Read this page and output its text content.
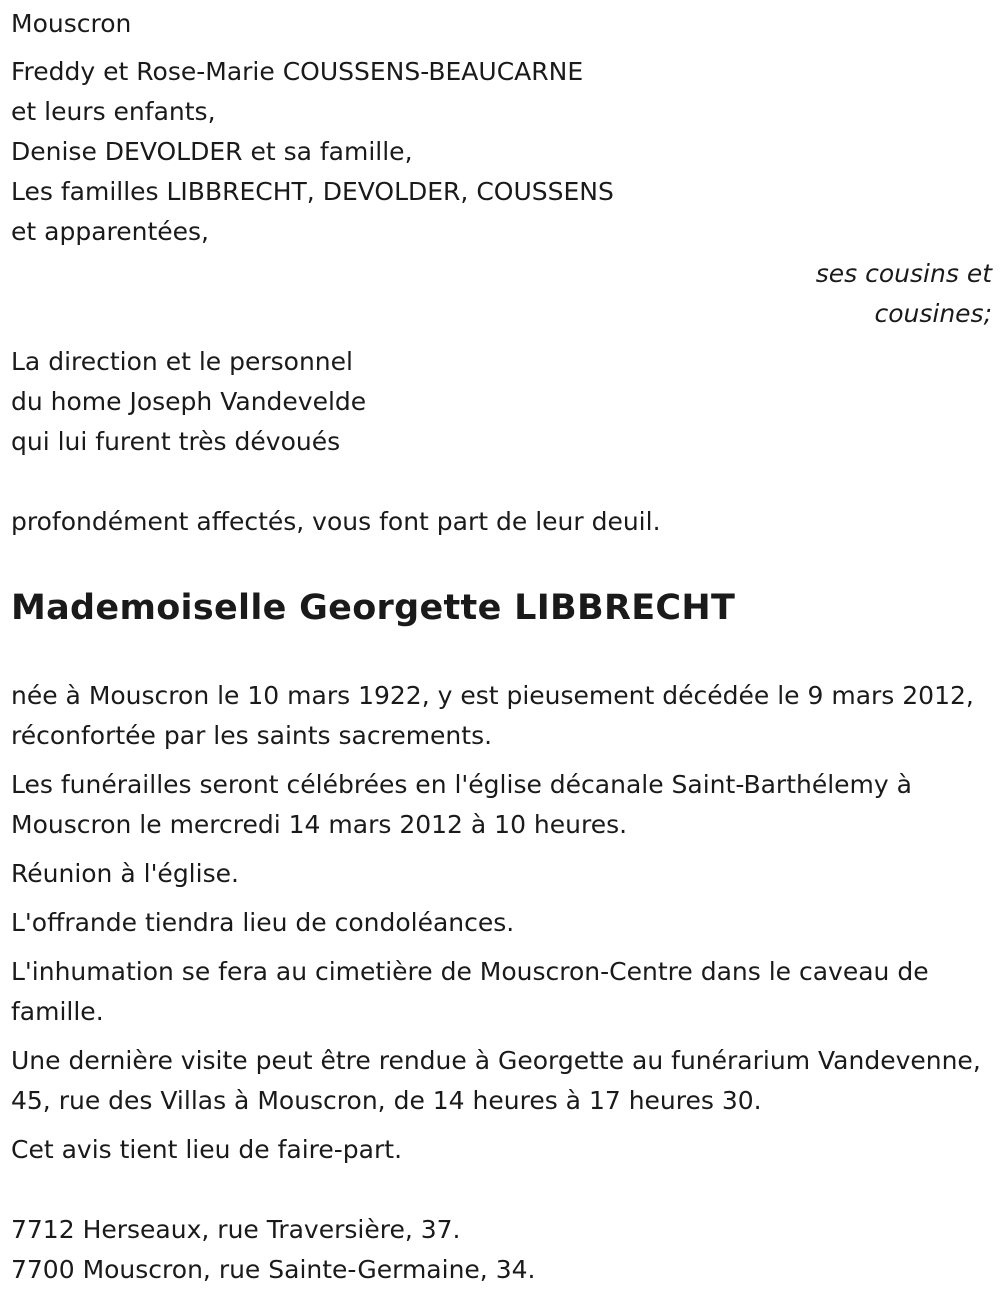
Mouscron

Freddy et Rose-Marie COUSSENS-BEAUCARNE

et leurs enfants,

Denise DEVOLDER et sa famille,

Les familles LIBBRECHT, DEVOLDER, COUSSENS

et apparentées,

ses cousins et

cousines;

La direction et le personnel

du home Joseph Vandevelde

qui lui furent très dévoués

profondément affectés, vous font part de leur deuil.

Mademoiselle Georgette LIBBRECHT

née à Mouscron le 10 mars 1922, y est pieusement décédée le 9 mars 2012, réconfortée par les saints sacrements.

Les funérailles seront célébrées en l'église décanale Saint-Barthélemy à Mouscron le mercredi 14 mars 2012 à 10 heures.

Réunion à l'église.

L'offrande tiendra lieu de condoléances.

L'inhumation se fera au cimetière de Mouscron-Centre dans le caveau de famille.

Une dernière visite peut être rendue à Georgette au funérarium Vandevenne, 45, rue des Villas à Mouscron, de 14 heures à 17 heures 30.

Cet avis tient lieu de faire-part.

7712 Herseaux, rue Traversière, 37.

7700 Mouscron, rue Sainte-Germaine, 34.
